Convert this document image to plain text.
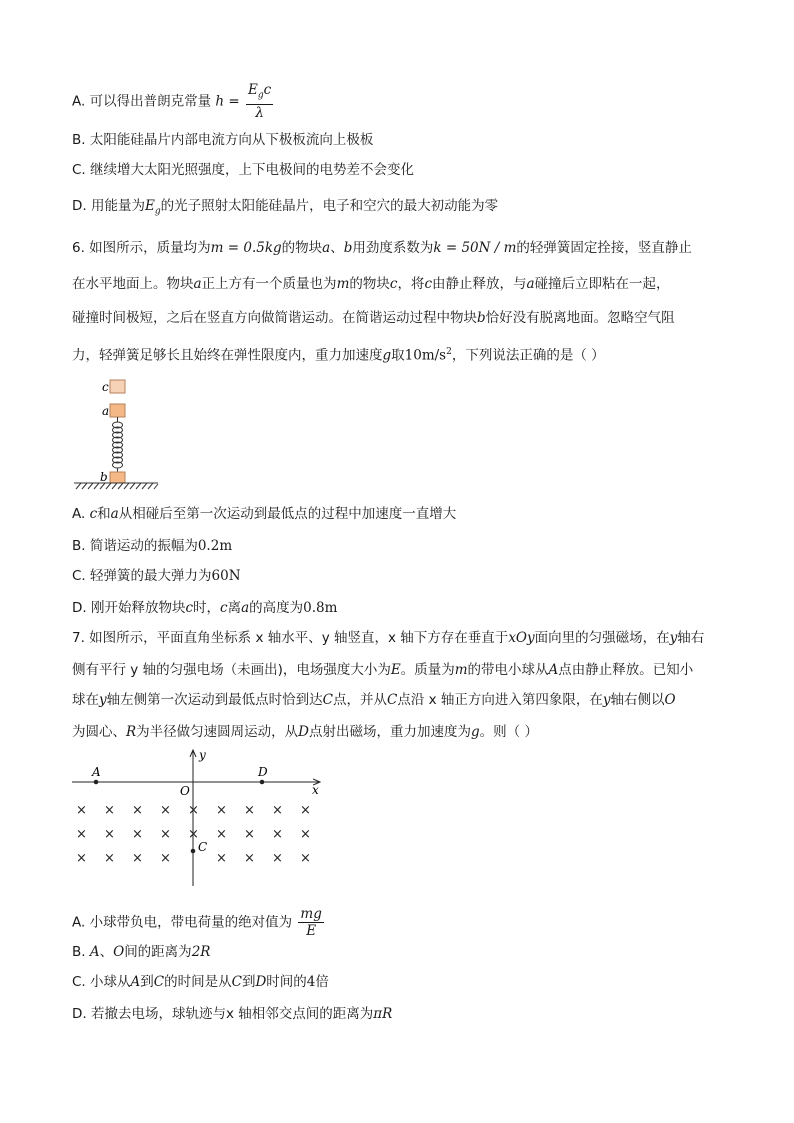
A. 可以得出普朗克常量 $h = \frac{E_gc}{\lambda}$
B. 太阳能硅晶片内部电流方向从下极板流向上极板
C. 继续增大太阳光照强度，上下电极间的电势差不会变化
D. 用能量为$E_g$的光子照射太阳能硅晶片，电子和空穴的最大初动能为零
6. 如图所示，质量均为m = 0.5kg的物块a、b用劲度系数为k = 50N / m的轻弹簧固定拴接，竖直静止
在水平地面上。物块a正上方有一个质量也为m的物块c，将c由静止释放，与a碰撞后立即粘在一起，
碰撞时间极短，之后在竖直方向做简谐运动。在简谐运动过程中物块b恰好没有脱离地面。忽略空气阻
力，轻弹簧足够长且始终在弹性限度内，重力加速度g取$10m/s^2$，下列说法正确的是（ ）
c
a
b
A. c和a从相碰后至第一次运动到最低点的过程中加速度一直增大
B. 简谐运动的振幅为0.2m
C. 轻弹簧的最大弹力为60N
D. 刚开始释放物块c时，c离a的高度为0.8m
7. 如图所示，平面直角坐标系 x 轴水平、y 轴竖直，x 轴下方存在垂直于xOy面向里的匀强磁场，在y轴右
侧有平行 y 轴的匀强电场（未画出)，电场强度大小为E。质量为m的带电小球从A点由静止释放。已知小
球在y轴左侧第一次运动到最低点时恰到达C点，并从C点沿 x 轴正方向进入第四象限，在y轴右侧以O
为圆心、R为半径做匀速圆周运动，从D点射出磁场，重力加速度为g。则（ ）
x
y
O
A	D
C
× × × × × × × × ×
× × × × × × × × ×
× × × ×	× × × ×
A. 小球带负电，带电荷量的绝对值为 $\frac{mg}{E}$
B. A、O间的距离为2R
C. 小球从A到C的时间是从C到D时间的4倍
D. 若撤去电场，球轨迹与x 轴相邻交点间的距离为πR
